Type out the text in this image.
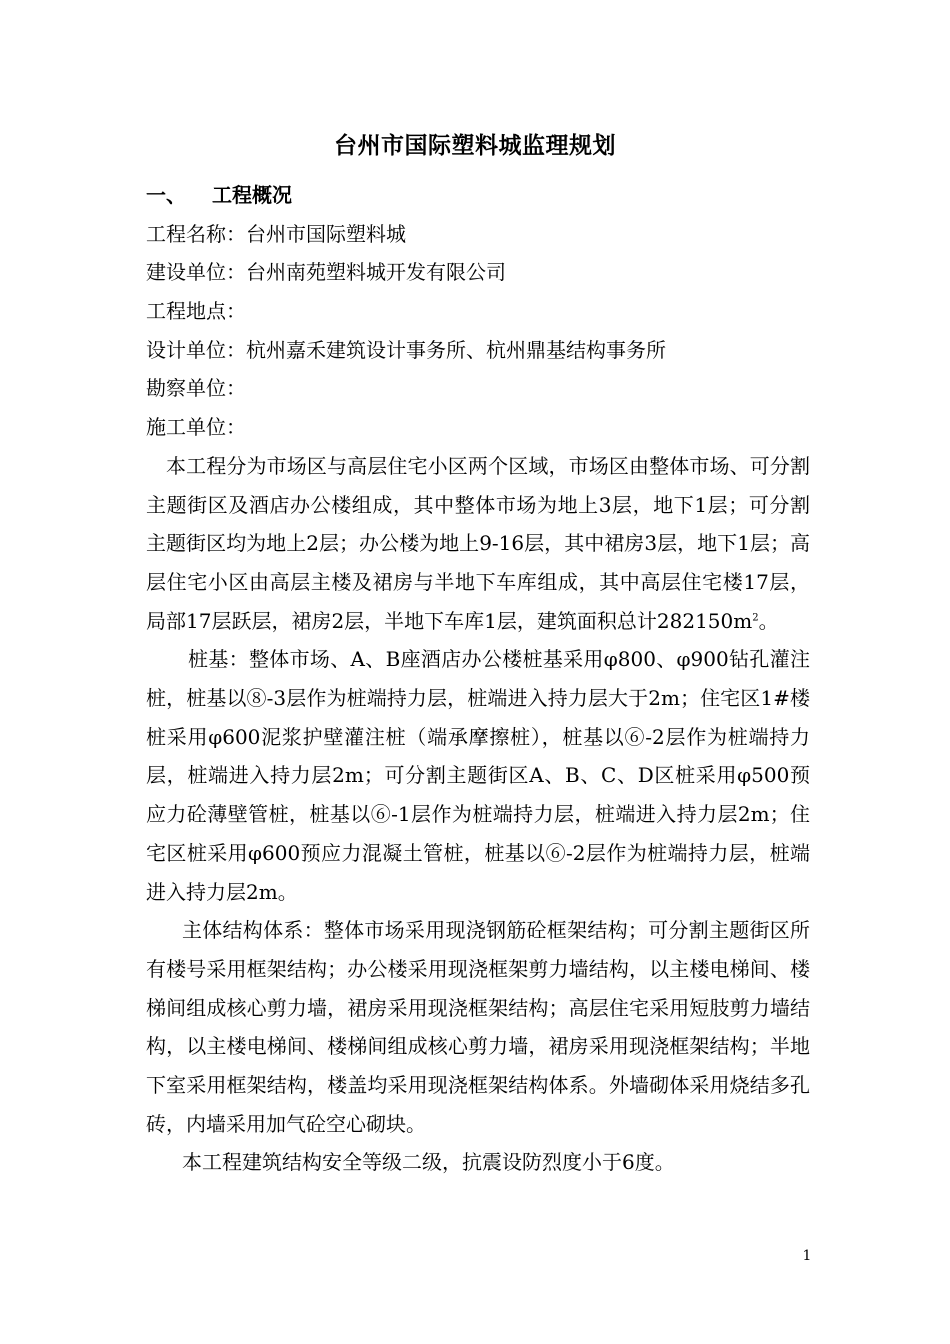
台州市国际塑料城监理规划
一、 工程概况
工程名称：台州市国际塑料城
建设单位：台州南苑塑料城开发有限公司
工程地点：
设计单位：杭州嘉禾建筑设计事务所、杭州鼎基结构事务所
勘察单位：
施工单位：

本工程分为市场区与高层住宅小区两个区域，市场区由整体市场、可分割主题街区及酒店办公楼组成，其中整体市场为地上3层，地下1层；可分割主题街区均为地上2层；办公楼为地上9-16层，其中裙房3层，地下1层；高层住宅小区由高层主楼及裙房与半地下车库组成，其中高层住宅楼17层，局部17层跃层，裙房2层，半地下车库1层，建筑面积总计$282150m^2$。

桩基：整体市场、A、B座酒店办公楼桩基采用φ800、φ900钻孔灌注桩，桩基以⑧-3层作为桩端持力层，桩端进入持力层大于2m；住宅区1#楼桩采用φ600泥浆护壁灌注桩（端承摩擦桩），桩基以⑥-2层作为桩端持力层，桩端进入持力层2m；可分割主题街区A、B、C、D区桩采用φ500预应力砼薄壁管桩，桩基以⑥-1层作为桩端持力层，桩端进入持力层2m；住宅区桩采用φ600预应力混凝土管桩，桩基以⑥-2层作为桩端持力层，桩端进入持力层2m。

主体结构体系：整体市场采用现浇钢筋砼框架结构；可分割主题街区所有楼号采用框架结构；办公楼采用现浇框架剪力墙结构，以主楼电梯间、楼梯间组成核心剪力墙，裙房采用现浇框架结构；高层住宅采用短肢剪力墙结构，以主楼电梯间、楼梯间组成核心剪力墙，裙房采用现浇框架结构；半地下室采用框架结构，楼盖均采用现浇框架结构体系。外墙砌体采用烧结多孔砖，内墙采用加气砼空心砌块。

本工程建筑结构安全等级二级，抗震设防烈度小于6度。

1
